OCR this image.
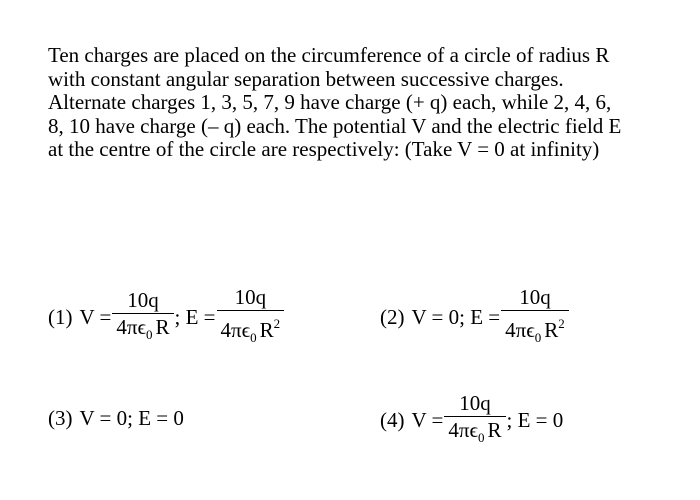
Ten charges are placed on the circumference of a circle of radius R with constant angular separation between successive charges. Alternate charges 1, 3, 5, 7, 9 have charge (+ q) each, while 2, 4, 6, 8, 10 have charge (– q) each. The potential V and the electric field E at the centre of the circle are respectively: (Take V = 0 at infinity)

(1) $V = \frac{10q}{4\pi\epsilon_0 R}$ ; $E = \frac{10q}{4\pi\epsilon_0 R^2}$	(2) V = 0; $E = \frac{10q}{4\pi\epsilon_0 R^2}$
(3) V = 0; E = 0	(4) $V = \frac{10q}{4\pi\epsilon_0 R}$ ; E = 0
